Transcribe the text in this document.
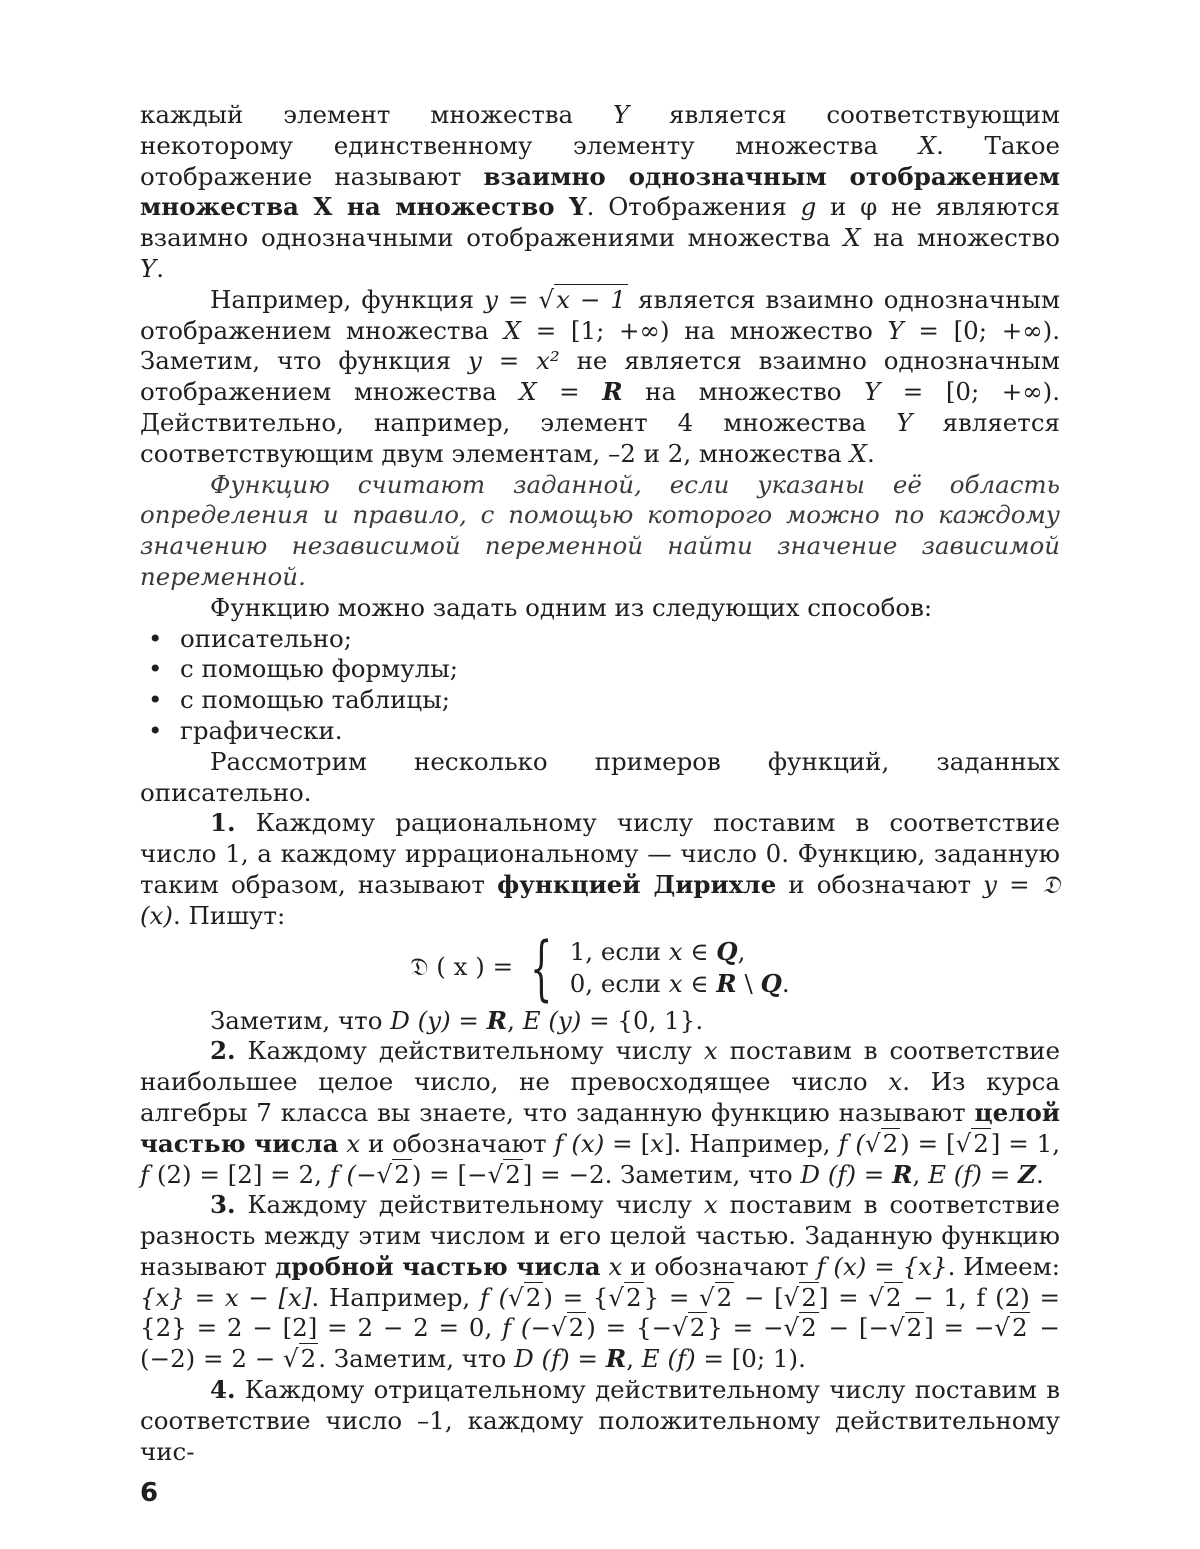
каждый элемент множества Y является соответствующим некоторому единственному элементу множества X. Такое отображение называют взаимно однозначным отображением множества X на множество Y. Отображения g и φ не являются взаимно однозначными отображениями множества X на множество Y.

Например, функция y = √x − 1 является взаимно однозначным отображением множества X = [1; +∞) на множество Y = [0; +∞). Заметим, что функция y = x² не является взаимно однозначным отображением множества X = R на множество Y = [0; +∞). Действительно, например, элемент 4 множества Y является соответствующим двум элементам, –2 и 2, множества X.

Функцию считают заданной, если указаны её область определения и правило, с помощью которого можно по каждому значению независимой переменной найти значение зависимой переменной.

Функцию можно задать одним из следующих способов:

• описательно;
• с помощью формулы;
• с помощью таблицы;
• графически.

Рассмотрим несколько примеров функций, заданных описательно.

1. Каждому рациональному числу поставим в соответствие число 1, а каждому иррациональному — число 0. Функцию, заданную таким образом, называют функцией Дирихле и обозначают y = 𝔇 (x). Пишут:

𝔇 ( x ) = { 1, если x ∈ Q,
0, если x ∈ R \ Q.

Заметим, что D (y) = R, E (y) = {0, 1}.

2. Каждому действительному числу x поставим в соответствие наибольшее целое число, не превосходящее число x. Из курса алгебры 7 класса вы знаете, что заданную функцию называют целой частью числа x и обозначают f (x) = [x]. Например, f (√2) = [√2] = 1, f (2) = [2] = 2, f (−√2) = [−√2] = −2. Заметим, что D (f) = R, E (f) = Z.

3. Каждому действительному числу x поставим в соответствие разность между этим числом и его целой частью. Заданную функцию называют дробной частью числа x и обозначают f (x) = {x}. Имеем: {x} = x − [x]. Например, f (√2) = {√2} = √2 − [√2] = √2 − 1, f (2) = {2} = 2 − [2] = 2 − 2 = 0, f (−√2) = {−√2} = −√2 − [−√2] = −√2 − (−2) = 2 − √2. Заметим, что D (f) = R, E (f) = [0; 1).

4. Каждому отрицательному действительному числу поставим в соответствие число –1, каждому положительному действительному чис-

6
